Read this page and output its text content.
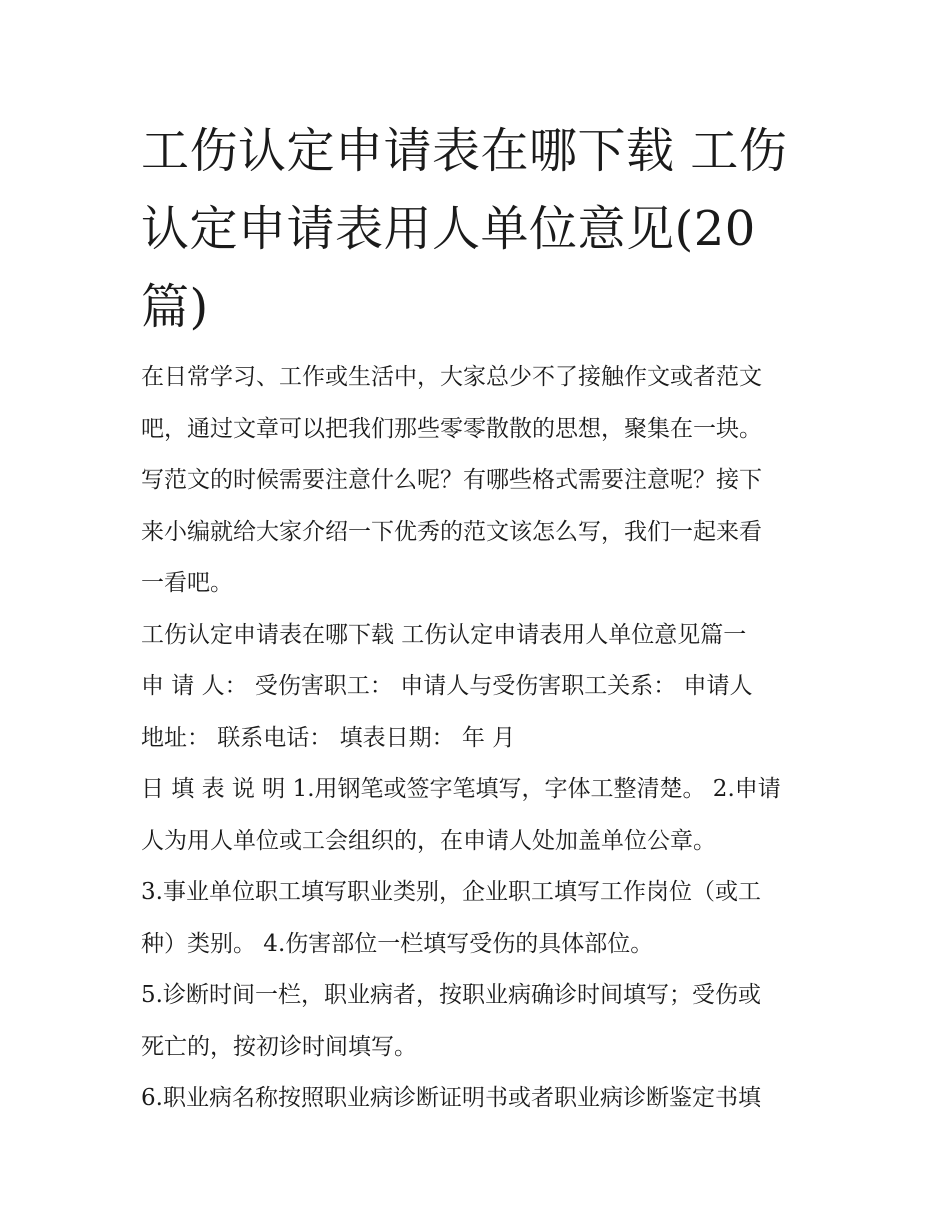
工伤认定申请表在哪下载 工伤
认定申请表用人单位意见(20
篇)

在日常学习、工作或生活中，大家总少不了接触作文或者范文
吧，通过文章可以把我们那些零零散散的思想，聚集在一块。
写范文的时候需要注意什么呢？有哪些格式需要注意呢？接下
来小编就给大家介绍一下优秀的范文该怎么写，我们一起来看
一看吧。

工伤认定申请表在哪下载 工伤认定申请表用人单位意见篇一
申 请 人： 受伤害职工： 申请人与受伤害职工关系： 申请人
地址： 联系电话： 填表日期： 年 月

日 填 表 说 明 1.用钢笔或签字笔填写，字体工整清楚。 2.申请
人为用人单位或工会组织的，在申请人处加盖单位公章。

3.事业单位职工填写职业类别，企业职工填写工作岗位（或工
种）类别。 4.伤害部位一栏填写受伤的具体部位。

5.诊断时间一栏，职业病者，按职业病确诊时间填写；受伤或
死亡的，按初诊时间填写。

6.职业病名称按照职业病诊断证明书或者职业病诊断鉴定书填
